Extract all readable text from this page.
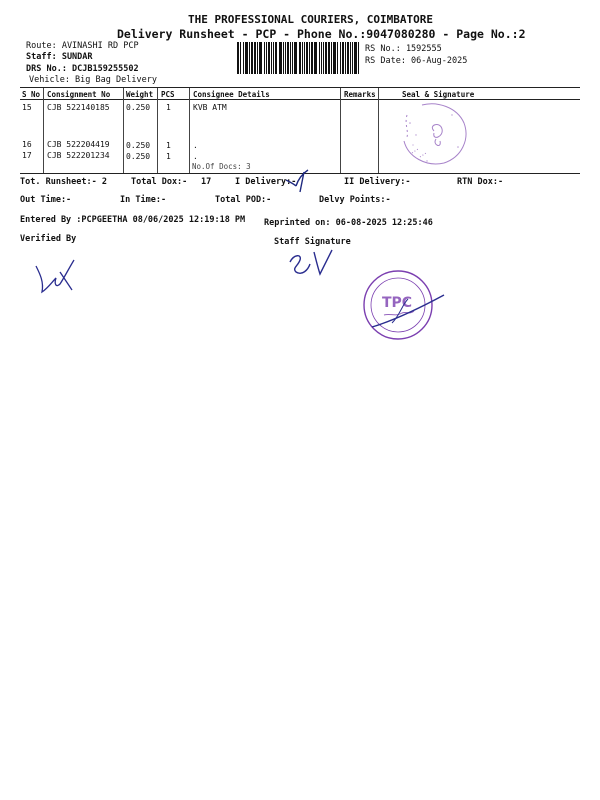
THE PROFESSIONAL COURIERS, COIMBATORE
Delivery Runsheet - PCP - Phone No.:9047080280 - Page No.:2
Route: AVINASHI RD PCP
Staff: SUNDAR
DRS No.: DCJB159255502
Vehicle: Big Bag Delivery
RS No.: 1592555
RS Date: 06-Aug-2025
S No Consignment No Weight PCS Consignee Details	Remarks	Seal & Signature
15 CJB 522140185 0.250 1	KVB ATM
16 CJB 522204419 0.250 1	.
17 CJB 522201234 0.250 1	.
No.Of Docs: 3
Tot. Runsheet:- 2	Total Dox:- 17	I Delivery:-	II Delivery:-	RTN Dox:-
Out Time:-	In Time:-	Total POD:-	Delvy Points:-
Entered By :PCPGEETHA 08/06/2025 12:19:18 PM Reprinted on: 06-08-2025 12:25:46
Verified By	Staff Signature
TPC
